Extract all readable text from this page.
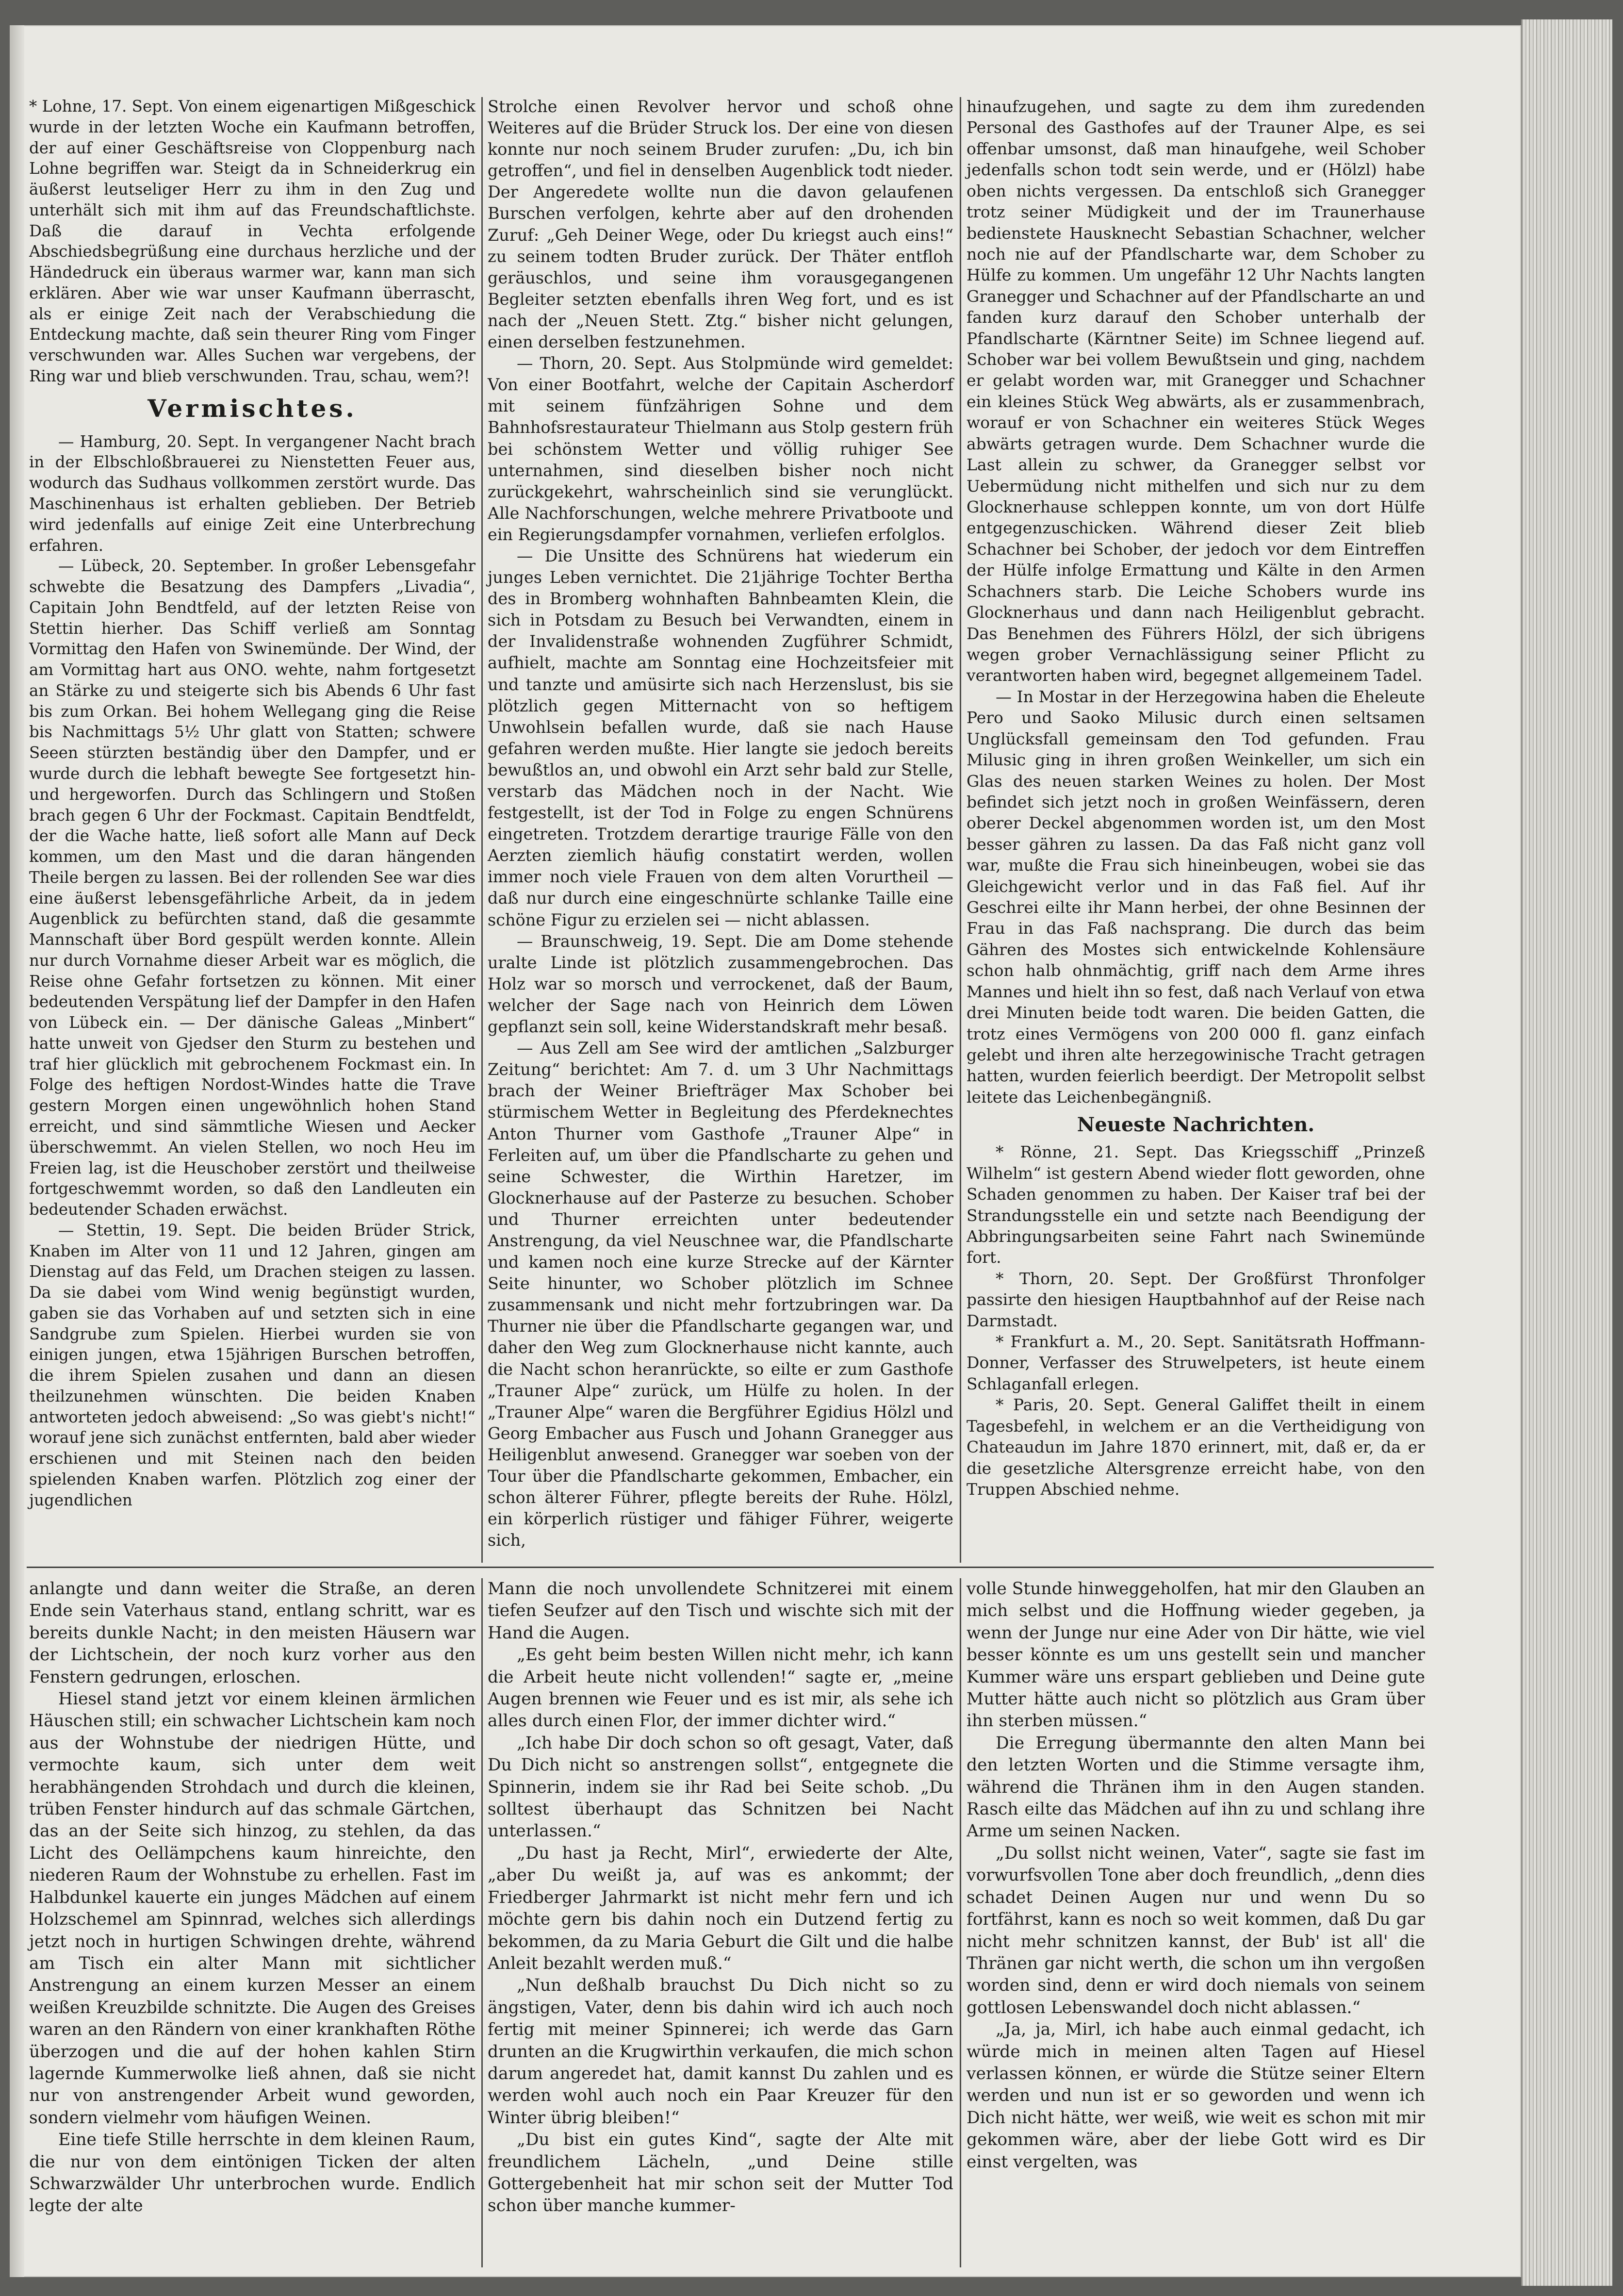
* Lohne, 17. Sept. Von einem eigenartigen Mißgeschick wurde in der letzten Woche ein Kaufmann betroffen, der auf einer Geschäftsreise von Cloppenburg nach Lohne begriffen war. Steigt da in Schneiderkrug ein äußerst leutseliger Herr zu ihm in den Zug und unterhält sich mit ihm auf das Freundschaftlichste. Daß die darauf in Vechta erfolgende Abschiedsbegrüßung eine durchaus herzliche und der Händedruck ein überaus warmer war, kann man sich erklären. Aber wie war unser Kaufmann überrascht, als er einige Zeit nach der Verabschiedung die Entdeckung machte, daß sein theurer Ring vom Finger verschwunden war. Alles Suchen war vergebens, der Ring war und blieb verschwunden. Trau, schau, wem?!

Vermischtes.

— Hamburg, 20. Sept. In vergangener Nacht brach in der Elbschloßbrauerei zu Nienstetten Feuer aus, wodurch das Sudhaus vollkommen zerstört wurde. Das Maschinenhaus ist erhalten geblieben. Der Betrieb wird jedenfalls auf einige Zeit eine Unterbrechung erfahren.

— Lübeck, 20. September. In großer Lebensgefahr schwebte die Besatzung des Dampfers „Livadia“, Capitain John Bendtfeld, auf der letzten Reise von Stettin hierher. Das Schiff verließ am Sonntag Vormittag den Hafen von Swinemünde. Der Wind, der am Vormittag hart aus ONO. wehte, nahm fortgesetzt an Stärke zu und steigerte sich bis Abends 6 Uhr fast bis zum Orkan. Bei hohem Wellegang ging die Reise bis Nachmittags 5½ Uhr glatt von Statten; schwere Seeen stürzten beständig über den Dampfer, und er wurde durch die lebhaft bewegte See fortgesetzt hin- und hergeworfen. Durch das Schlingern und Stoßen brach gegen 6 Uhr der Fockmast. Capitain Bendtfeldt, der die Wache hatte, ließ sofort alle Mann auf Deck kommen, um den Mast und die daran hängenden Theile bergen zu lassen. Bei der rollenden See war dies eine äußerst lebensgefährliche Arbeit, da in jedem Augenblick zu befürchten stand, daß die gesammte Mannschaft über Bord gespült werden konnte. Allein nur durch Vornahme dieser Arbeit war es möglich, die Reise ohne Gefahr fortsetzen zu können. Mit einer bedeutenden Verspätung lief der Dampfer in den Hafen von Lübeck ein. — Der dänische Galeas „Minbert“ hatte unweit von Gjedser den Sturm zu bestehen und traf hier glücklich mit gebrochenem Fockmast ein. In Folge des heftigen Nordost-Windes hatte die Trave gestern Morgen einen ungewöhnlich hohen Stand erreicht, und sind sämmtliche Wiesen und Aecker überschwemmt. An vielen Stellen, wo noch Heu im Freien lag, ist die Heuschober zerstört und theilweise fortgeschwemmt worden, so daß den Landleuten ein bedeutender Schaden erwächst.

— Stettin, 19. Sept. Die beiden Brüder Strick, Knaben im Alter von 11 und 12 Jahren, gingen am Dienstag auf das Feld, um Drachen steigen zu lassen. Da sie dabei vom Wind wenig begünstigt wurden, gaben sie das Vorhaben auf und setzten sich in eine Sandgrube zum Spielen. Hierbei wurden sie von einigen jungen, etwa 15jährigen Burschen betroffen, die ihrem Spielen zusahen und dann an diesen theilzunehmen wünschten. Die beiden Knaben antworteten jedoch abweisend: „So was giebt's nicht!“ worauf jene sich zunächst entfernten, bald aber wieder erschienen und mit Steinen nach den beiden spielenden Knaben warfen. Plötzlich zog einer der jugendlichen

Strolche einen Revolver hervor und schoß ohne Weiteres auf die Brüder Struck los. Der eine von diesen konnte nur noch seinem Bruder zurufen: „Du, ich bin getroffen“, und fiel in denselben Augenblick todt nieder. Der Angeredete wollte nun die davon gelaufenen Burschen verfolgen, kehrte aber auf den drohenden Zuruf: „Geh Deiner Wege, oder Du kriegst auch eins!“ zu seinem todten Bruder zurück. Der Thäter entfloh geräuschlos, und seine ihm vorausgegangenen Begleiter setzten ebenfalls ihren Weg fort, und es ist nach der „Neuen Stett. Ztg.“ bisher nicht gelungen, einen derselben festzunehmen.

— Thorn, 20. Sept. Aus Stolpmünde wird gemeldet: Von einer Bootfahrt, welche der Capitain Ascherdorf mit seinem fünfzährigen Sohne und dem Bahnhofsrestaurateur Thielmann aus Stolp gestern früh bei schönstem Wetter und völlig ruhiger See unternahmen, sind dieselben bisher noch nicht zurückgekehrt, wahrscheinlich sind sie verunglückt. Alle Nachforschungen, welche mehrere Privatboote und ein Regierungsdampfer vornahmen, verliefen erfolglos.

— Die Unsitte des Schnürens hat wiederum ein junges Leben vernichtet. Die 21jährige Tochter Bertha des in Bromberg wohnhaften Bahnbeamten Klein, die sich in Potsdam zu Besuch bei Verwandten, einem in der Invalidenstraße wohnenden Zugführer Schmidt, aufhielt, machte am Sonntag eine Hochzeitsfeier mit und tanzte und amüsirte sich nach Herzenslust, bis sie plötzlich gegen Mitternacht von so heftigem Unwohlsein befallen wurde, daß sie nach Hause gefahren werden mußte. Hier langte sie jedoch bereits bewußtlos an, und obwohl ein Arzt sehr bald zur Stelle, verstarb das Mädchen noch in der Nacht. Wie festgestellt, ist der Tod in Folge zu engen Schnürens eingetreten. Trotzdem derartige traurige Fälle von den Aerzten ziemlich häufig constatirt werden, wollen immer noch viele Frauen von dem alten Vorurtheil — daß nur durch eine eingeschnürte schlanke Taille eine schöne Figur zu erzielen sei — nicht ablassen.

— Braunschweig, 19. Sept. Die am Dome stehende uralte Linde ist plötzlich zusammengebrochen. Das Holz war so morsch und verrockenet, daß der Baum, welcher der Sage nach von Heinrich dem Löwen gepflanzt sein soll, keine Widerstandskraft mehr besaß.

— Aus Zell am See wird der amtlichen „Salzburger Zeitung“ berichtet: Am 7. d. um 3 Uhr Nachmittags brach der Weiner Briefträger Max Schober bei stürmischem Wetter in Begleitung des Pferdeknechtes Anton Thurner vom Gasthofe „Trauner Alpe“ in Ferleiten auf, um über die Pfandlscharte zu gehen und seine Schwester, die Wirthin Haretzer, im Glocknerhause auf der Pasterze zu besuchen. Schober und Thurner erreichten unter bedeutender Anstrengung, da viel Neuschnee war, die Pfandlscharte und kamen noch eine kurze Strecke auf der Kärnter Seite hinunter, wo Schober plötzlich im Schnee zusammensank und nicht mehr fortzubringen war. Da Thurner nie über die Pfandlscharte gegangen war, und daher den Weg zum Glocknerhause nicht kannte, auch die Nacht schon heranrückte, so eilte er zum Gasthofe „Trauner Alpe“ zurück, um Hülfe zu holen. In der „Trauner Alpe“ waren die Bergführer Egidius Hölzl und Georg Embacher aus Fusch und Johann Granegger aus Heiligenblut anwesend. Granegger war soeben von der Tour über die Pfandlscharte gekommen, Embacher, ein schon älterer Führer, pflegte bereits der Ruhe. Hölzl, ein körperlich rüstiger und fähiger Führer, weigerte sich,

hinaufzugehen, und sagte zu dem ihm zuredenden Personal des Gasthofes auf der Trauner Alpe, es sei offenbar umsonst, daß man hinaufgehe, weil Schober jedenfalls schon todt sein werde, und er (Hölzl) habe oben nichts vergessen. Da entschloß sich Granegger trotz seiner Müdigkeit und der im Traunerhause bedienstete Hausknecht Sebastian Schachner, welcher noch nie auf der Pfandlscharte war, dem Schober zu Hülfe zu kommen. Um ungefähr 12 Uhr Nachts langten Granegger und Schachner auf der Pfandlscharte an und fanden kurz darauf den Schober unterhalb der Pfandlscharte (Kärntner Seite) im Schnee liegend auf. Schober war bei vollem Bewußtsein und ging, nachdem er gelabt worden war, mit Granegger und Schachner ein kleines Stück Weg abwärts, als er zusammenbrach, worauf er von Schachner ein weiteres Stück Weges abwärts getragen wurde. Dem Schachner wurde die Last allein zu schwer, da Granegger selbst vor Uebermüdung nicht mithelfen und sich nur zu dem Glocknerhause schleppen konnte, um von dort Hülfe entgegenzuschicken. Während dieser Zeit blieb Schachner bei Schober, der jedoch vor dem Eintreffen der Hülfe infolge Ermattung und Kälte in den Armen Schachners starb. Die Leiche Schobers wurde ins Glocknerhaus und dann nach Heiligenblut gebracht. Das Benehmen des Führers Hölzl, der sich übrigens wegen grober Vernachlässigung seiner Pflicht zu verantworten haben wird, begegnet allgemeinem Tadel.

— In Mostar in der Herzegowina haben die Eheleute Pero und Saoko Milusic durch einen seltsamen Unglücksfall gemeinsam den Tod gefunden. Frau Milusic ging in ihren großen Weinkeller, um sich ein Glas des neuen starken Weines zu holen. Der Most befindet sich jetzt noch in großen Weinfässern, deren oberer Deckel abgenommen worden ist, um den Most besser gähren zu lassen. Da das Faß nicht ganz voll war, mußte die Frau sich hineinbeugen, wobei sie das Gleichgewicht verlor und in das Faß fiel. Auf ihr Geschrei eilte ihr Mann herbei, der ohne Besinnen der Frau in das Faß nachsprang. Die durch das beim Gähren des Mostes sich entwickelnde Kohlensäure schon halb ohnmächtig, griff nach dem Arme ihres Mannes und hielt ihn so fest, daß nach Verlauf von etwa drei Minuten beide todt waren. Die beiden Gatten, die trotz eines Vermögens von 200 000 fl. ganz einfach gelebt und ihren alte herzegowinische Tracht getragen hatten, wurden feierlich beerdigt. Der Metropolit selbst leitete das Leichenbegängniß.

Neueste Nachrichten.

* Rönne, 21. Sept. Das Kriegsschiff „Prinzeß Wilhelm“ ist gestern Abend wieder flott geworden, ohne Schaden genommen zu haben. Der Kaiser traf bei der Strandungsstelle ein und setzte nach Beendigung der Abbringungsarbeiten seine Fahrt nach Swinemünde fort.

* Thorn, 20. Sept. Der Großfürst Thronfolger passirte den hiesigen Hauptbahnhof auf der Reise nach Darmstadt.

* Frankfurt a. M., 20. Sept. Sanitätsrath Hoffmann-Donner, Verfasser des Struwelpeters, ist heute einem Schlaganfall erlegen.

* Paris, 20. Sept. General Galiffet theilt in einem Tagesbefehl, in welchem er an die Vertheidigung von Chateaudun im Jahre 1870 erinnert, mit, daß er, da er die gesetzliche Altersgrenze erreicht habe, von den Truppen Abschied nehme.

anlangte und dann weiter die Straße, an deren Ende sein Vaterhaus stand, entlang schritt, war es bereits dunkle Nacht; in den meisten Häusern war der Lichtschein, der noch kurz vorher aus den Fenstern gedrungen, erloschen.

Hiesel stand jetzt vor einem kleinen ärmlichen Häuschen still; ein schwacher Lichtschein kam noch aus der Wohnstube der niedrigen Hütte, und vermochte kaum, sich unter dem weit herabhängenden Strohdach und durch die kleinen, trüben Fenster hindurch auf das schmale Gärtchen, das an der Seite sich hinzog, zu stehlen, da das Licht des Oellämpchens kaum hinreichte, den niederen Raum der Wohnstube zu erhellen. Fast im Halbdunkel kauerte ein junges Mädchen auf einem Holzschemel am Spinnrad, welches sich allerdings jetzt noch in hurtigen Schwingen drehte, während am Tisch ein alter Mann mit sichtlicher Anstrengung an einem kurzen Messer an einem weißen Kreuzbilde schnitzte. Die Augen des Greises waren an den Rändern von einer krankhaften Röthe überzogen und die auf der hohen kahlen Stirn lagernde Kummerwolke ließ ahnen, daß sie nicht nur von anstrengender Arbeit wund geworden, sondern vielmehr vom häufigen Weinen.

Eine tiefe Stille herrschte in dem kleinen Raum, die nur von dem eintönigen Ticken der alten Schwarzwälder Uhr unterbrochen wurde. Endlich legte der alte

Mann die noch unvollendete Schnitzerei mit einem tiefen Seufzer auf den Tisch und wischte sich mit der Hand die Augen.

„Es geht beim besten Willen nicht mehr, ich kann die Arbeit heute nicht vollenden!“ sagte er, „meine Augen brennen wie Feuer und es ist mir, als sehe ich alles durch einen Flor, der immer dichter wird.“

„Ich habe Dir doch schon so oft gesagt, Vater, daß Du Dich nicht so anstrengen sollst“, entgegnete die Spinnerin, indem sie ihr Rad bei Seite schob. „Du solltest überhaupt das Schnitzen bei Nacht unterlassen.“

„Du hast ja Recht, Mirl“, erwiederte der Alte, „aber Du weißt ja, auf was es ankommt; der Friedberger Jahrmarkt ist nicht mehr fern und ich möchte gern bis dahin noch ein Dutzend fertig zu bekommen, da zu Maria Geburt die Gilt und die halbe Anleit bezahlt werden muß.“

„Nun deßhalb brauchst Du Dich nicht so zu ängstigen, Vater, denn bis dahin wird ich auch noch fertig mit meiner Spinnerei; ich werde das Garn drunten an die Krugwirthin verkaufen, die mich schon darum angeredet hat, damit kannst Du zahlen und es werden wohl auch noch ein Paar Kreuzer für den Winter übrig bleiben!“

„Du bist ein gutes Kind“, sagte der Alte mit freundlichem Lächeln, „und Deine stille Gottergebenheit hat mir schon seit der Mutter Tod schon über manche kummer-

volle Stunde hinweggeholfen, hat mir den Glauben an mich selbst und die Hoffnung wieder gegeben, ja wenn der Junge nur eine Ader von Dir hätte, wie viel besser könnte es um uns gestellt sein und mancher Kummer wäre uns erspart geblieben und Deine gute Mutter hätte auch nicht so plötzlich aus Gram über ihn sterben müssen.“

Die Erregung übermannte den alten Mann bei den letzten Worten und die Stimme versagte ihm, während die Thränen ihm in den Augen standen. Rasch eilte das Mädchen auf ihn zu und schlang ihre Arme um seinen Nacken.

„Du sollst nicht weinen, Vater“, sagte sie fast im vorwurfsvollen Tone aber doch freundlich, „denn dies schadet Deinen Augen nur und wenn Du so fortfährst, kann es noch so weit kommen, daß Du gar nicht mehr schnitzen kannst, der Bub' ist all' die Thränen gar nicht werth, die schon um ihn vergoßen worden sind, denn er wird doch niemals von seinem gottlosen Lebenswandel doch nicht ablassen.“

„Ja, ja, Mirl, ich habe auch einmal gedacht, ich würde mich in meinen alten Tagen auf Hiesel verlassen können, er würde die Stütze seiner Eltern werden und nun ist er so geworden und wenn ich Dich nicht hätte, wer weiß, wie weit es schon mit mir gekommen wäre, aber der liebe Gott wird es Dir einst vergelten, was
